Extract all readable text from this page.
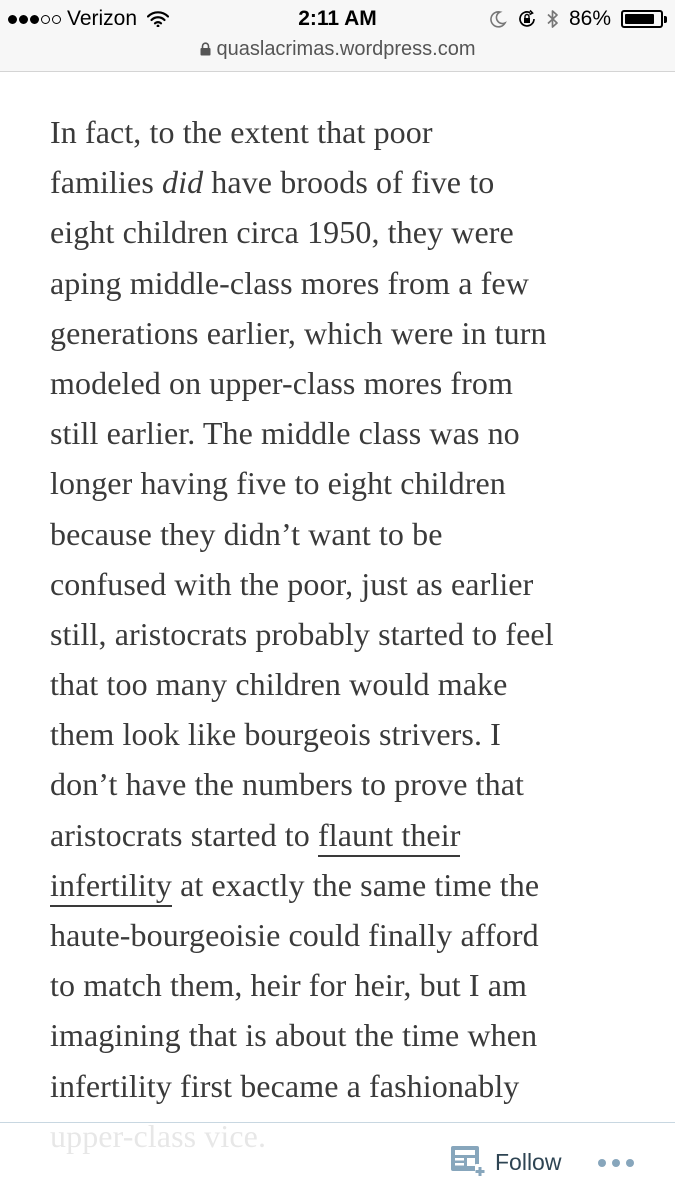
Verizon	2:11 AM	86%
quaslacrimas.wordpress.com
In fact, to the extent that poor
families did have broods of five to
eight children circa 1950, they were
aping middle-class mores from a few
generations earlier, which were in turn
modeled on upper-class mores from
still earlier. The middle class was no
longer having five to eight children
because they didn’t want to be
confused with the poor, just as earlier
still, aristocrats probably started to feel
that too many children would make
them look like bourgeois strivers. I
don’t have the numbers to prove that
aristocrats started to flaunt their
infertility at exactly the same time the
haute-bourgeoisie could finally afford
to match them, heir for heir, but I am
imagining that is about the time when
infertility first became a fashionably
Follow
